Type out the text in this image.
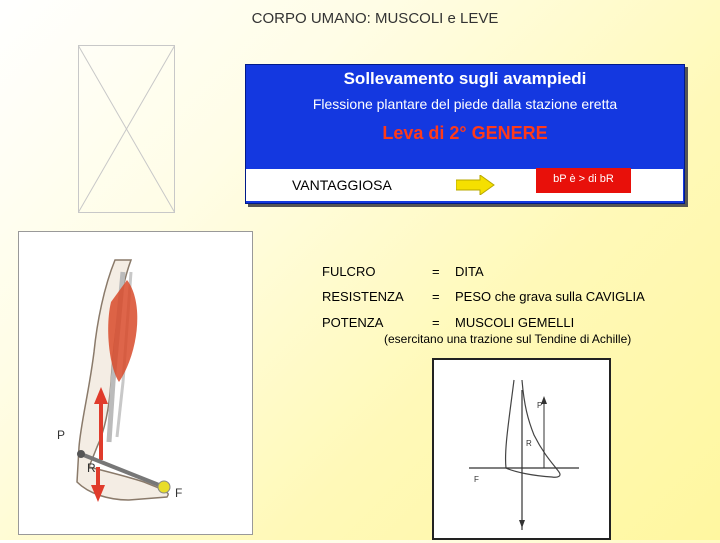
CORPO UMANO: MUSCOLI e LEVE
Sollevamento sugli avampiedi
Flessione plantare del piede dalla stazione eretta
Leva di 2° GENERE
VANTAGGIOSA	bP è > di bR
P
R
F
FULCRO	= DITA
RESISTENZA = PESO che grava sulla CAVIGLIA
POTENZA	= MUSCOLI GEMELLI
(esercitano una trazione sul Tendine di Achille)
P
R
F
